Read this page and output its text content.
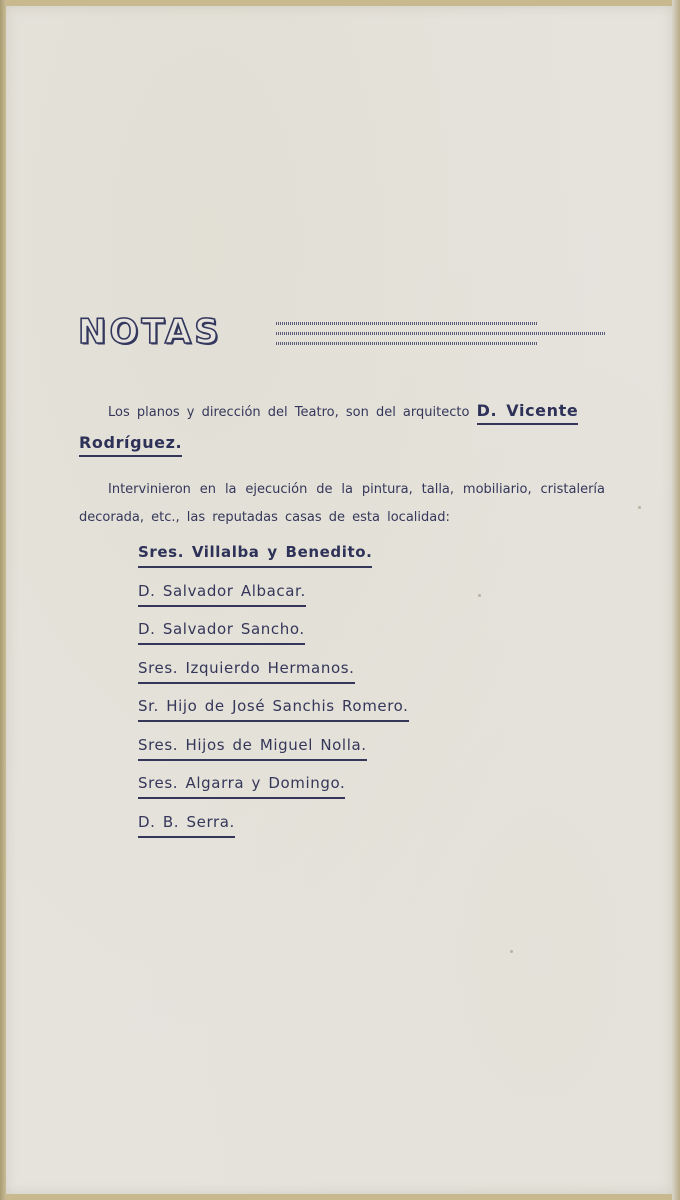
NOTAS
Los planos y dirección del Teatro, son del arquitecto D. Vicente
Rodríguez.
Intervinieron en la ejecución de la pintura, talla, mobiliario, cristalería decorada, etc., las reputadas casas de esta localidad:
Sres. Villalba y Benedito.
D. Salvador Albacar.
D. Salvador Sancho.
Sres. Izquierdo Hermanos.
Sr. Hijo de José Sanchis Romero.
Sres. Hijos de Miguel Nolla.
Sres. Algarra y Domingo.
D. B. Serra.
